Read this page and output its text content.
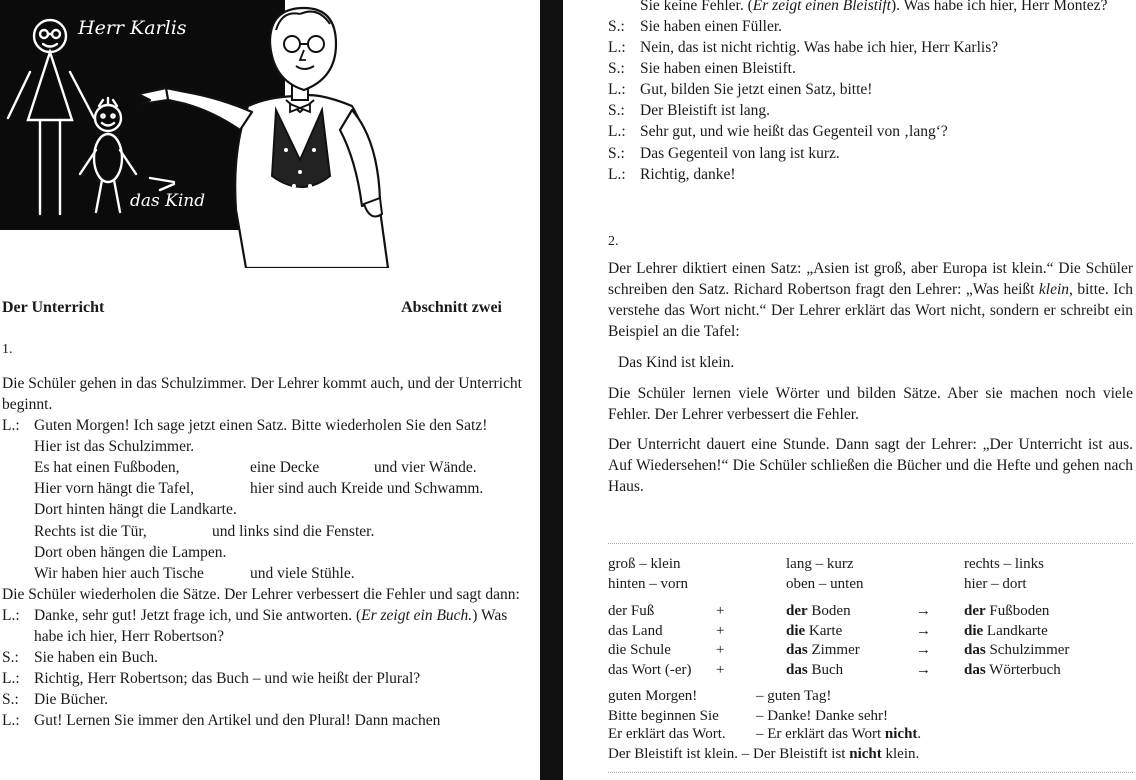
Herr Karlis
das Kind
Der Unterricht	Abschnitt zwei
1.

Die Schüler gehen in das Schulzimmer. Der Lehrer kommt auch, und der Unterricht beginnt.

L.: Guten Morgen! Ich sage jetzt einen Satz. Bitte wiederholen Sie den Satz!
Hier ist das Schulzimmer.
Es hat einen Fußboden,	eine Decke	und vier Wände.
Hier vorn hängt die Tafel,	hier sind auch Kreide und Schwamm.
Dort hinten hängt die Landkarte.
Rechts ist die Tür,	und links sind die Fenster.
Dort oben hängen die Lampen.
Wir haben hier auch Tische	und viele Stühle.

Die Schüler wiederholen die Sätze. Der Lehrer verbessert die Fehler und sagt dann:

L.: Danke, sehr gut! Jetzt frage ich, und Sie antworten. (Er zeigt ein Buch.) Was habe ich hier, Herr Robertson?
S.: Sie haben ein Buch.
L.: Richtig, Herr Robertson; das Buch – und wie heißt der Plural?
S.: Die Bücher.
L.: Gut! Lernen Sie immer den Artikel und den Plural! Dann machen
Sie keine Fehler. (Er zeigt einen Bleistift). Was habe ich hier, Herr Montez?
S.: Sie haben einen Füller.
L.: Nein, das ist nicht richtig. Was habe ich hier, Herr Karlis?
S.: Sie haben einen Bleistift.
L.: Gut, bilden Sie jetzt einen Satz, bitte!
S.: Der Bleistift ist lang.
L.: Sehr gut, und wie heißt das Gegenteil von ‚lang‘?
S.: Das Gegenteil von lang ist kurz.
L.: Richtig, danke!
2.

Der Lehrer diktiert einen Satz: „Asien ist groß, aber Europa ist klein.“ Die Schüler schreiben den Satz. Richard Robertson fragt den Lehrer: „Was heißt klein, bitte. Ich verstehe das Wort nicht.“ Der Lehrer erklärt das Wort nicht, sondern er schreibt ein Beispiel an die Tafel:

Das Kind ist klein.

Die Schüler lernen viele Wörter und bilden Sätze. Aber sie machen noch viele Fehler. Der Lehrer verbessert die Fehler.

Der Unterricht dauert eine Stunde. Dann sagt der Lehrer: „Der Unterricht ist aus. Auf Wiedersehen!“ Die Schüler schließen die Bücher und die Hefte und gehen nach Haus.

groß – klein	lang – kurz	rechts – links
hinten – vorn	oben – unten	hier – dort
der Fuß	+	der Boden	→	der Fußboden
das Land	+	die Karte	→	die Landkarte
die Schule	+	das Zimmer	→	das Schulzimmer
das Wort (-er)	+	das Buch	→	das Wörterbuch
guten Morgen!	– guten Tag!
Bitte beginnen Sie	– Danke! Danke sehr!
Er erklärt das Wort. – Er erklärt das Wort nicht.
Der Bleistift ist klein. – Der Bleistift ist nicht klein.
